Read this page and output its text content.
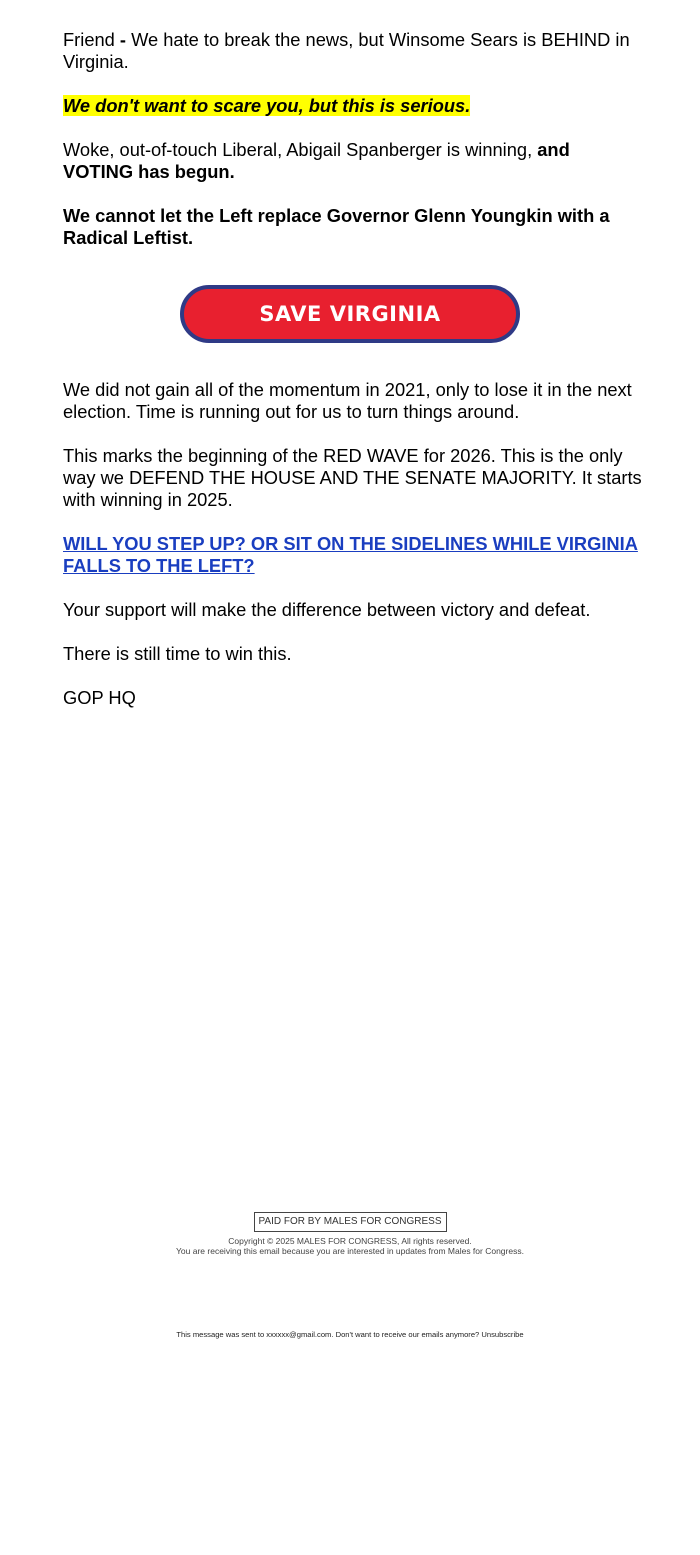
Friend - We hate to break the news, but Winsome Sears is BEHIND in Virginia.

We don't want to scare you, but this is serious.

Woke, out-of-touch Liberal, Abigail Spanberger is winning, and VOTING has begun.

We cannot let the Left replace Governor Glenn Youngkin with a Radical Leftist.

SAVE VIRGINIA

We did not gain all of the momentum in 2021, only to lose it in the next election. Time is running out for us to turn things around.

This marks the beginning of the RED WAVE for 2026. This is the only way we DEFEND THE HOUSE AND THE SENATE MAJORITY. It starts with winning in 2025.

WILL YOU STEP UP? OR SIT ON THE SIDELINES WHILE VIRGINIA FALLS TO THE LEFT?

Your support will make the difference between victory and defeat.

There is still time to win this.

GOP HQ

PAID FOR BY MALES FOR CONGRESS
Copyright © 2025 MALES FOR CONGRESS, All rights reserved.
You are receiving this email because you are interested in updates from Males for Congress.
This message was sent to xxxxxx@gmail.com. Don't want to receive our emails anymore? Unsubscribe
